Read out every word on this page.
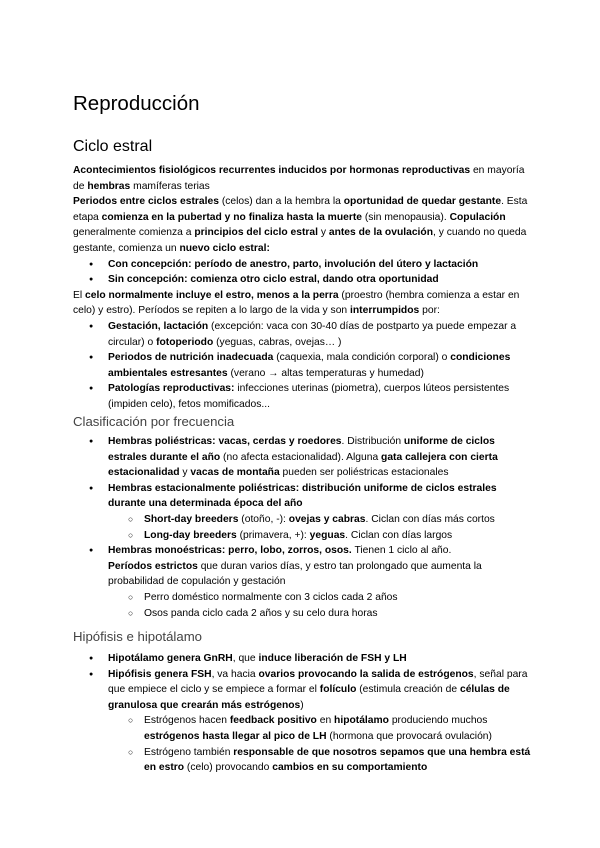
Reproducción
Ciclo estral

Acontecimientos fisiológicos recurrentes inducidos por hormonas reproductivas en mayoría de hembras mamíferas terias

Periodos entre ciclos estrales (celos) dan a la hembra la oportunidad de quedar gestante. Esta etapa comienza en la pubertad y no finaliza hasta la muerte (sin menopausia). Copulación generalmente comienza a principios del ciclo estral y antes de la ovulación, y cuando no queda gestante, comienza un nuevo ciclo estral:

● Con concepción: período de anestro, parto, involución del útero y lactación
● Sin concepción: comienza otro ciclo estral, dando otra oportunidad

El celo normalmente incluye el estro, menos a la perra (proestro (hembra comienza a estar en celo) y estro). Períodos se repiten a lo largo de la vida y son interrumpidos por:

● Gestación, lactación (excepción: vaca con 30-40 días de postparto ya puede empezar a circular) o fotoperiodo (yeguas, cabras, ovejas… )
● Periodos de nutrición inadecuada (caquexia, mala condición corporal) o condiciones ambientales estresantes (verano → altas temperaturas y humedad)
● Patologías reproductivas: infecciones uterinas (piometra), cuerpos lúteos persistentes (impiden celo), fetos momificados...
Clasificación por frecuencia
● Hembras poliéstricas: vacas, cerdas y roedores. Distribución uniforme de ciclos estrales durante el año (no afecta estacionalidad). Alguna gata callejera con cierta estacionalidad y vacas de montaña pueden ser poliéstricas estacionales
● Hembras estacionalmente poliéstricas: distribución uniforme de ciclos estrales durante una determinada época del año
○ Short-day breeders (otoño, -): ovejas y cabras. Ciclan con días más cortos
○ Long-day breeders (primavera, +): yeguas. Ciclan con días largos
● Hembras monoéstricas: perro, lobo, zorros, osos. Tienen 1 ciclo al año.
Períodos estrictos que duran varios días, y estro tan prolongado que aumenta la probabilidad de copulación y gestación
○ Perro doméstico normalmente con 3 ciclos cada 2 años
○ Osos panda ciclo cada 2 años y su celo dura horas
Hipófisis e hipotálamo
● Hipotálamo genera GnRH, que induce liberación de FSH y LH
● Hipófisis genera FSH, va hacia ovarios provocando la salida de estrógenos, señal para que empiece el ciclo y se empiece a formar el folículo (estimula creación de células de granulosa que crearán más estrógenos)
○ Estrógenos hacen feedback positivo en hipotálamo produciendo muchos estrógenos hasta llegar al pico de LH (hormona que provocará ovulación)
○ Estrógeno también responsable de que nosotros sepamos que una hembra está en estro (celo) provocando cambios en su comportamiento
